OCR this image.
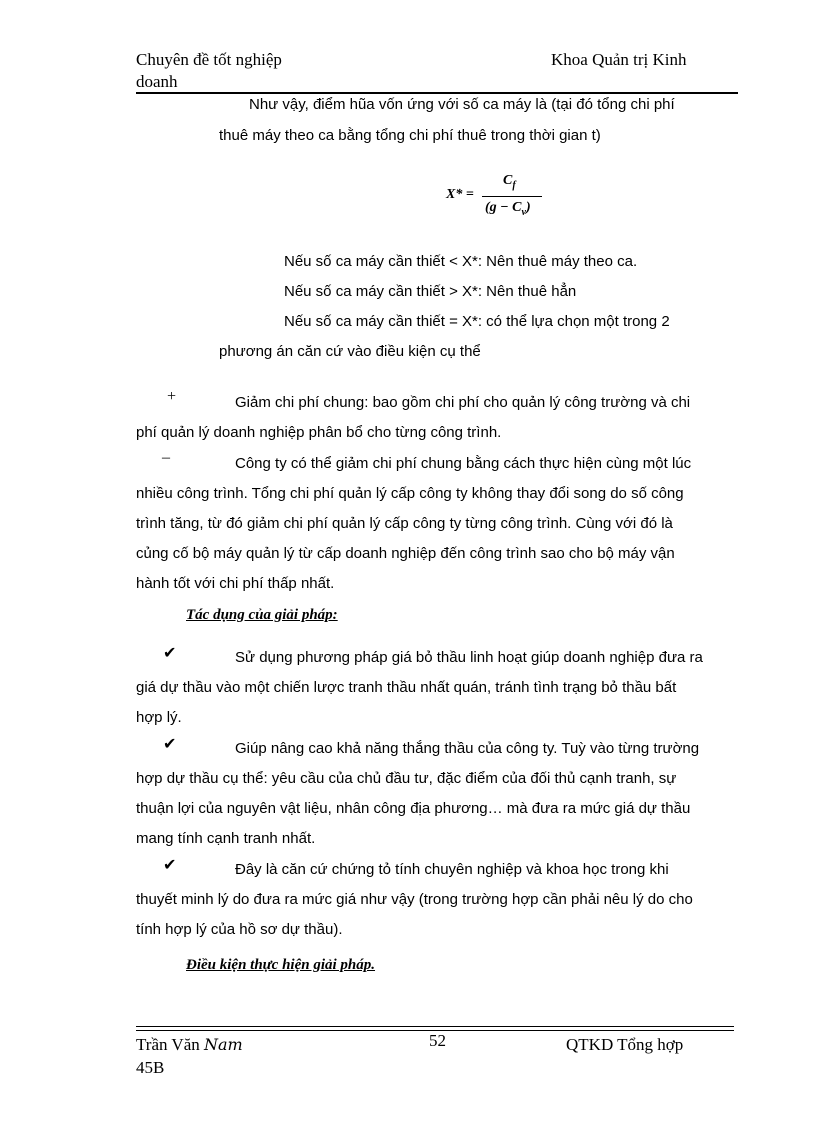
Chuyên đề tốt nghiệp
doanh
Khoa Quản trị Kinh
Như vậy, điểm hũa vốn ứng với số ca máy là (tại đó tổng chi phí
thuê máy theo ca bằng tổng chi phí thuê trong thời gian t)
X* =
$C_f$
$(g - C_v)$
Nếu số ca máy cần thiết < X*: Nên thuê máy theo ca.
Nếu số ca máy cần thiết > X*: Nên thuê hẳn
Nếu số ca máy cần thiết = X*: có thể lựa chọn một trong 2
phương án căn cứ vào điều kiện cụ thể
+	Giảm chi phí chung: bao gồm chi phí cho quản lý công trường và chi
phí quản lý doanh nghiệp phân bổ cho từng công trình.
–	Công ty có thể giảm chi phí chung bằng cách thực hiện cùng một lúc
nhiều công trình. Tổng chi phí quản lý cấp công ty không thay đổi song do số công
trình tăng, từ đó giảm chi phí quản lý cấp công ty từng công trình. Cùng với đó là
củng cố bộ máy quản lý từ cấp doanh nghiệp đến công trình sao cho bộ máy vận
hành tốt với chi phí thấp nhất.
Tác dụng của giải pháp:
✔	Sử dụng phương pháp giá bỏ thầu linh hoạt giúp doanh nghiệp đưa ra
giá dự thầu vào một chiến lược tranh thầu nhất quán, tránh tình trạng bỏ thầu bất
hợp lý.
✔	Giúp nâng cao khả năng thắng thầu của công ty. Tuỳ vào từng trường
hợp dự thầu cụ thể: yêu cầu của chủ đầu tư, đặc điểm của đối thủ cạnh tranh, sự
thuận lợi của nguyên vật liệu, nhân công địa phương… mà đưa ra mức giá dự thầu
mang tính cạnh tranh nhất.
✔	Đây là căn cứ chứng tỏ tính chuyên nghiệp và khoa học trong khi
thuyết minh lý do đưa ra mức giá như vậy (trong trường hợp cần phải nêu lý do cho
tính hợp lý của hồ sơ dự thầu).
Điều kiện thực hiện giải pháp.
Trần Văn Nam
45B
52	QTKD Tổng hợp
